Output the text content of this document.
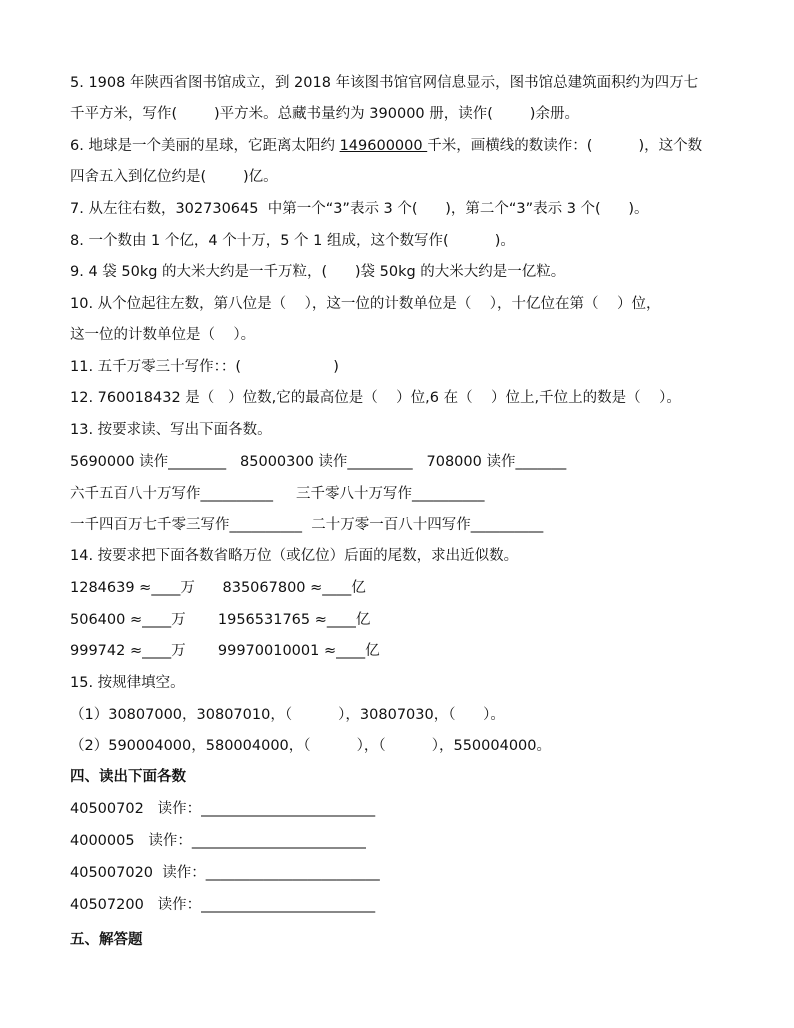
5. 1908 年陕西省图书馆成立，到 2018 年该图书馆官网信息显示，图书馆总建筑面积约为四万七
千平方米，写作(        )平方米。总藏书量约为 390000 册，读作(        )余册。
6. 地球是一个美丽的星球，它距离太阳约 149600000 千米，画横线的数读作：(          )，这个数
四舍五入到亿位约是(        )亿。
7. 从左往右数，302730645  中第一个“3”表示 3 个(      )，第二个“3”表示 3 个(      )。
8. 一个数由 1 个亿，4 个十万，5 个 1 组成，这个数写作(          )。
9. 4 袋 50kg 的大米大约是一千万粒，(      )袋 50kg 的大米大约是一亿粒。
10. 从个位起往左数，第八位是（    ），这一位的计数单位是（    ），十亿位在第（    ）位，
这一位的计数单位是（    ）。
11. 五千万零三十写作：：(                    )
12. 760018432 是（   ）位数,它的最高位是（    ）位,6 在（    ）位上,千位上的数是（    ）。
13. 按要求读、写出下面各数。
5690000 读作________   85000300 读作_________   708000 读作_______
六千五百八十万写作__________     三千零八十万写作__________
一千四百万七千零三写作__________  二十万零一百八十四写作__________
14. 按要求把下面各数省略万位（或亿位）后面的尾数，求出近似数。
1284639 ≈____万      835067800 ≈____亿
506400 ≈____万       1956531765 ≈____亿
999742 ≈____万       99970010001 ≈____亿
15. 按规律填空。
（1）30807000，30807010，（          ），30807030，（      ）。
（2）590004000，580004000，（          ），（          ），550004000。
四、读出下面各数
40500702   读作：________________________
4000005   读作：________________________
405007020  读作：________________________
40507200   读作：________________________
五、解答题
